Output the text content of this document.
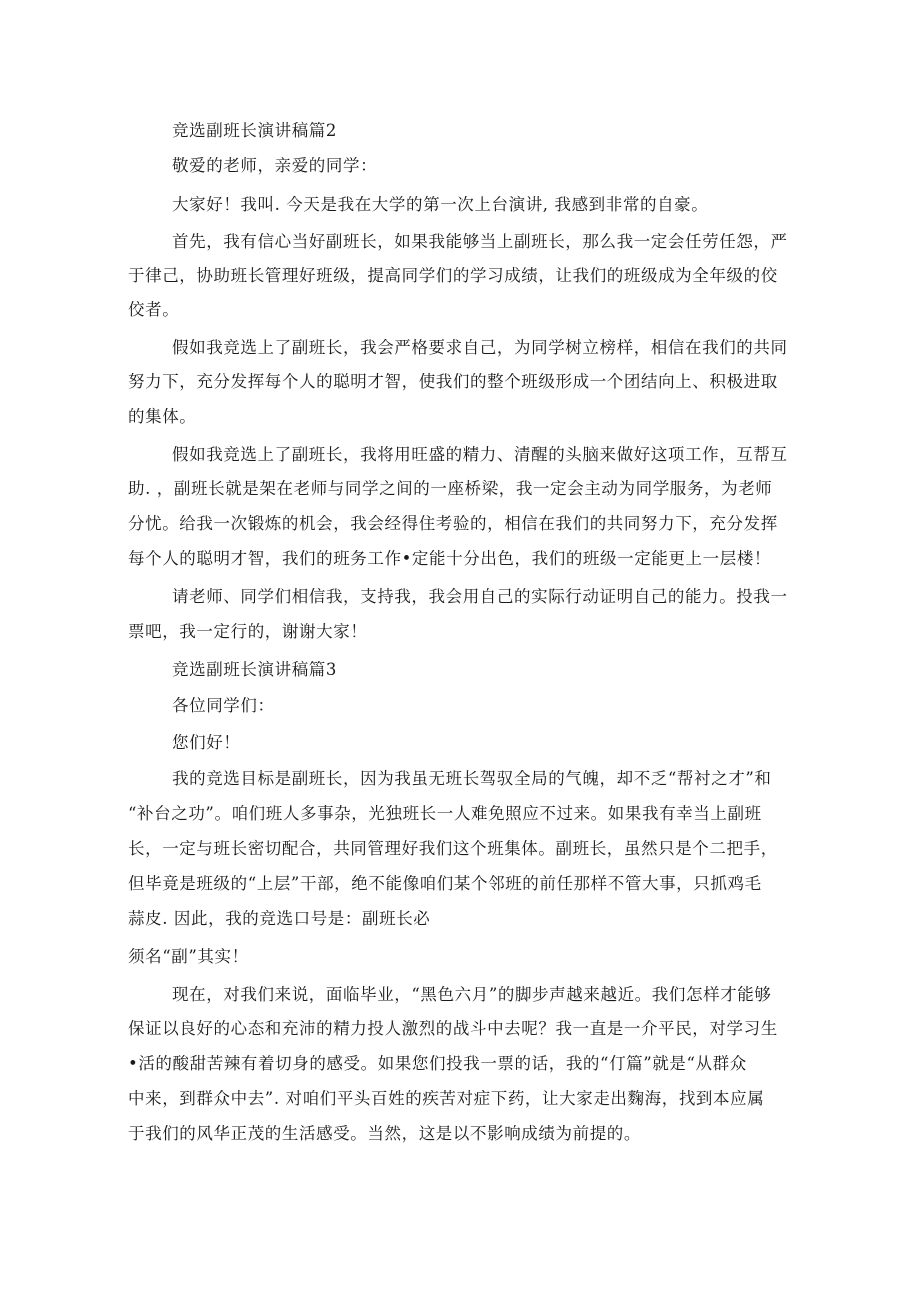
竞选副班长演讲稿篇2

敬爱的老师，亲爱的同学：

大家好！我叫. 今天是我在大学的第一次上台演讲, 我感到非常的自豪。

首先，我有信心当好副班长，如果我能够当上副班长，那么我一定会任劳任怨，严

于律己，协助班长管理好班级，提高同学们的学习成绩，让我们的班级成为全年级的佼

佼者。

假如我竞选上了副班长，我会严格要求自己，为同学树立榜样，相信在我们的共同

努力下，充分发挥每个人的聪明才智，使我们的整个班级形成一个团结向上、积极进取

的集体。

假如我竞选上了副班长，我将用旺盛的精力、清醒的头脑来做好这项工作，互帮互

助. ，副班长就是架在老师与同学之间的一座桥梁，我一定会主动为同学服务，为老师

分忧。给我一次锻炼的机会，我会经得住考验的，相信在我们的共同努力下，充分发挥

每个人的聪明才智，我们的班务工作•定能十分出色，我们的班级一定能更上一层楼！

请老师、同学们相信我，支持我，我会用自己的实际行动证明自己的能力。投我一

票吧，我一定行的，谢谢大家！

竞选副班长演讲稿篇3

各位同学们：

您们好！

我的竞选目标是副班长，因为我虽无班长驾驭全局的气魄，却不乏“帮衬之才”和

“补台之功”。咱们班人多事杂，光独班长一人难免照应不过来。如果我有幸当上副班

长，一定与班长密切配合，共同管理好我们这个班集体。副班长，虽然只是个二把手，

但毕竟是班级的“上层”干部，绝不能像咱们某个邻班的前任那样不管大事，只抓鸡毛

蒜皮. 因此，我的竞选口号是：副班长必

须名“副”其实！

现在，对我们来说，面临毕业，“黑色六月”的脚步声越来越近。我们怎样才能够

保证以良好的心态和充沛的精力投人激烈的战斗中去呢？我一直是一介平民，对学习生

•活的酸甜苦辣有着切身的感受。如果您们投我一票的话，我的“仃篇”就是“从群众

中来，到群众中去”. 对咱们平头百姓的疾苦对症下药，让大家走出麴海，找到本应属

于我们的风华正茂的生活感受。当然，这是以不影响成绩为前提的。
